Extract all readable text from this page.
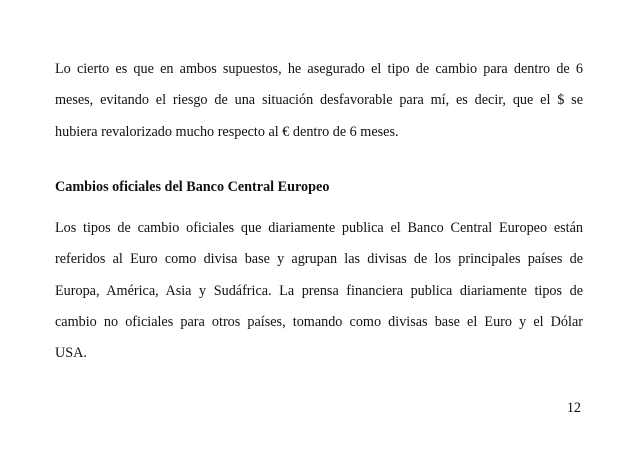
Lo cierto es que en ambos supuestos, he asegurado el tipo de cambio para dentro de 6
meses, evitando el riesgo de una situación desfavorable para mí, es decir, que el $ se
hubiera revalorizado mucho respecto al € dentro de 6 meses.

Cambios oficiales del Banco Central Europeo

Los tipos de cambio oficiales que diariamente publica el Banco Central Europeo están
referidos al Euro como divisa base y agrupan las divisas de los principales países de
Europa, América, Asia y Sudáfrica. La prensa financiera publica diariamente tipos de
cambio no oficiales para otros países, tomando como divisas base el Euro y el Dólar
USA.

12
